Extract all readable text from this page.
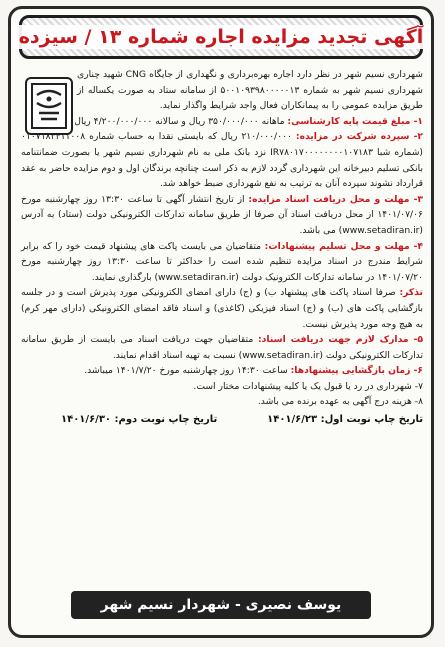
آگهی تجدید مزایده اجاره شماره ۱۳ / سیزده

شهرداری نسیم شهر در نظر دارد اجاره بهره‌برداری و نگهداری از جایگاه CNG شهید چناری شهرداری نسیم شهر به شماره ۵۰۰۱۰۹۳۹۸۰۰۰۰۰۱۳ از سامانه ستاد به صورت یکساله از طریق مزایده عمومی را به پیمانکاران فعال واجد شرایط واگذار نماید.

۱- مبلغ قیمت پایه کارشناسی: ماهانه ۳۵۰/۰۰۰/۰۰۰ ریال و سالانه ۴/۲۰۰/۰۰۰/۰۰۰ ریال

۲- سپرده شرکت در مزایده: ۲۱۰/۰۰۰/۰۰۰ ریال که بایستی نقدا به حساب شماره ۰۱۰۷۱۸۳۴۱۱۰۰۸ (شماره شبا IR۷۸۰۱۷۰۰۰۰۰۰۰۰۱۰۷۱۸۳ نزد بانک ملی به نام شهرداری نسیم شهر یا بصورت ضمانتنامه بانکی تسلیم دبیرخانه این شهرداری گردد لازم به ذکر است چنانچه برندگان اول و دوم مزایده حاضر به عقد قرارداد نشوند سپرده آنان به ترتیب به نفع شهرداری ضبط خواهد شد.

۳- مهلت و محل دریافت اسناد مزایده: از تاریخ انتشار آگهی تا ساعت ۱۳:۳۰ روز چهارشنبه مورخ ۱۴۰۱/۰۷/۰۶ از محل دریافت اسناد آن صرفا از طریق سامانه تدارکات الکترونیکی دولت (ستاد) به آدرس (www.setadiran.ir) می باشد.

۴- مهلت و محل تسلیم پیشنهادات: متقاضیان می بایست پاکت های پیشنهاد قیمت خود را که برابر شرایط مندرج در اسناد مزایده تنظیم شده است را حداکثر تا ساعت ۱۳:۳۰ روز چهارشنبه مورخ ۱۴۰۱/۰۷/۲۰ در سامانه تدارکات الکترونیک دولت (www.setadiran.ir) بارگذاری نمایند.

تذکر: صرفا اسناد پاکت های پیشنهاد ب) و (ج) دارای امضای الکترونیکی مورد پذیرش است و در جلسه بازگشایی پاکت های (ب) و (ج) اسناد فیزیکی (کاغذی) و اسناد فاقد امضای الکترونیکی (دارای مهر کرم) به هیچ وجه مورد پذیرش نیست.

۵- مدارک لازم جهت دریافت اسناد: متقاضیان جهت دریافت اسناد می بایست از طریق سامانه تدارکات الکترونیکی دولت (www.setadiran.ir) نسبت به تهیه اسناد اقدام نمایند.

۶- زمان بازگشایی پیشنهادها: ساعت ۱۴:۳۰ روز چهارشنبه مورخ ۱۴۰۱/۷/۲۰ میباشد.

۷- شهرداری در رد یا قبول یک یا کلیه پیشنهادات مختار است.

۸- هزینه درج آگهی به عهده برنده می باشد.

تاریخ چاپ نوبت اول: ۱۴۰۱/۶/۲۳
تاریخ چاپ نوبت دوم: ۱۴۰۱/۶/۳۰
یوسف نصیری - شهردار نسیم شهر
